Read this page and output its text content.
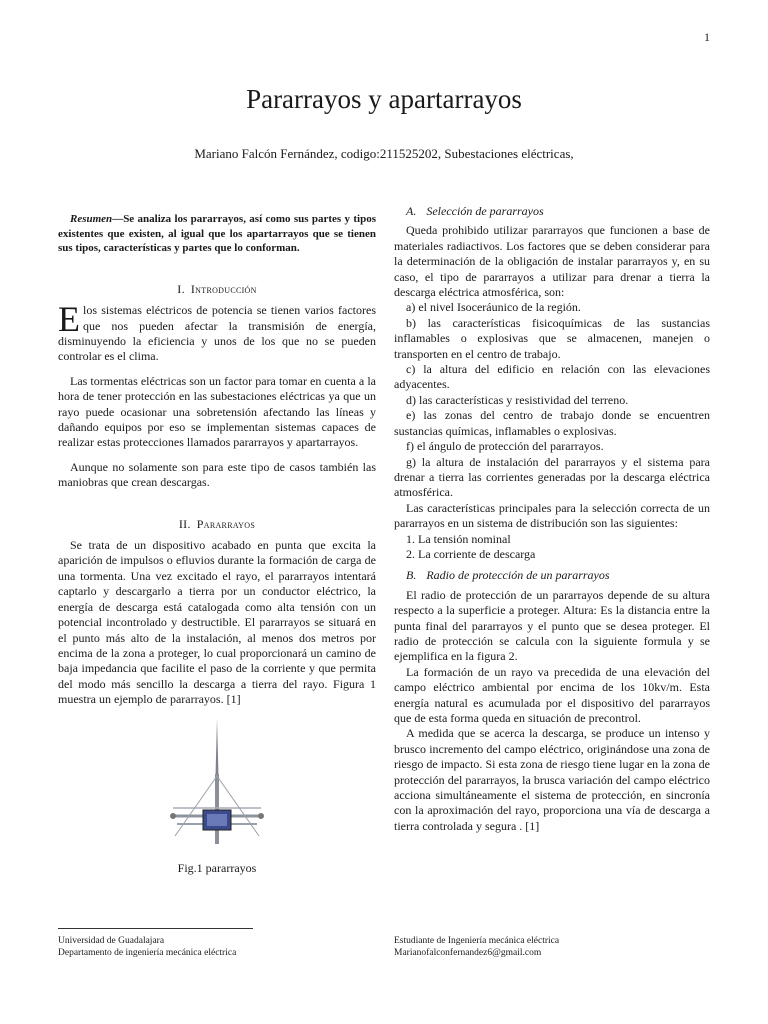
1
Pararrayos y apartarrayos
Mariano Falcón Fernández, codigo:211525202, Subestaciones eléctricas,

Resumen—Se analiza los pararrayos, así como sus partes y tipos existentes que existen, al igual que los apartarrayos que se tienen sus tipos, características y partes que lo conforman.

I. Introducción

Elos sistemas eléctricos de potencia se tienen varios factores que nos pueden afectar la transmisión de energía, disminuyendo la eficiencia y unos de los que no se pueden controlar es el clima.

Las tormentas eléctricas son un factor para tomar en cuenta a la hora de tener protección en las subestaciones eléctricas ya que un rayo puede ocasionar una sobretensión afectando las líneas y dañando equipos por eso se implementan sistemas capaces de realizar estas protecciones llamados pararrayos y apartarrayos.

Aunque no solamente son para este tipo de casos también las maniobras que crean descargas.

II. Pararrayos

Se trata de un dispositivo acabado en punta que excita la aparición de impulsos o efluvios durante la formación de carga de una tormenta. Una vez excitado el rayo, el pararrayos intentará captarlo y descargarlo a tierra por un conductor eléctrico, la energía de descarga está catalogada como alta tensión con un potencial incontrolado y destructible. El pararrayos se situará en el punto más alto de la instalación, al menos dos metros por encima de la zona a proteger, lo cual proporcionará un camino de baja impedancia que facilite el paso de la corriente y que permita del modo más sencillo la descarga a tierra del rayo. Figura 1 muestra un ejemplo de pararrayos. [1]

Fig.1 pararrayos
A. Selección de pararrayos

Queda prohibido utilizar pararrayos que funcionen a base de materiales radiactivos. Los factores que se deben considerar para la determinación de la obligación de instalar pararrayos y, en su caso, el tipo de pararrayos a utilizar para drenar a tierra la descarga eléctrica atmosférica, son:

a) el nivel Isoceráunico de la región.

b) las características fisicoquímicas de las sustancias inflamables o explosivas que se almacenen, manejen o transporten en el centro de trabajo.

c) la altura del edificio en relación con las elevaciones adyacentes.

d) las características y resistividad del terreno.

e) las zonas del centro de trabajo donde se encuentren sustancias químicas, inflamables o explosivas.

f) el ángulo de protección del pararrayos.

g) la altura de instalación del pararrayos y el sistema para drenar a tierra las corrientes generadas por la descarga eléctrica atmosférica.

Las características principales para la selección correcta de un pararrayos en un sistema de distribución son las siguientes:

1. La tensión nominal

2. La corriente de descarga

B. Radio de protección de un pararrayos

El radio de protección de un pararrayos depende de su altura respecto a la superficie a proteger. Altura: Es la distancia entre la punta final del pararrayos y el punto que se desea proteger. El radio de protección se calcula con la siguiente formula y se ejemplifica en la figura 2.

La formación de un rayo va precedida de una elevación del campo eléctrico ambiental por encima de los 10kv/m. Esta energía natural es acumulada por el dispositivo del pararrayos que de esta forma queda en situación de precontrol.

A medida que se acerca la descarga, se produce un intenso y brusco incremento del campo eléctrico, originándose una zona de riesgo de impacto. Si esta zona de riesgo tiene lugar en la zona de protección del pararrayos, la brusca variación del campo eléctrico acciona simultáneamente el sistema de protección, en sincronía con la aproximación del rayo, proporciona una vía de descarga a tierra controlada y segura . [1]

Universidad de Guadalajara
Departamento de ingeniería mecánica eléctrica
Estudiante de Ingeniería mecánica eléctrica
Marianofalconfernandez6@gmail.com
